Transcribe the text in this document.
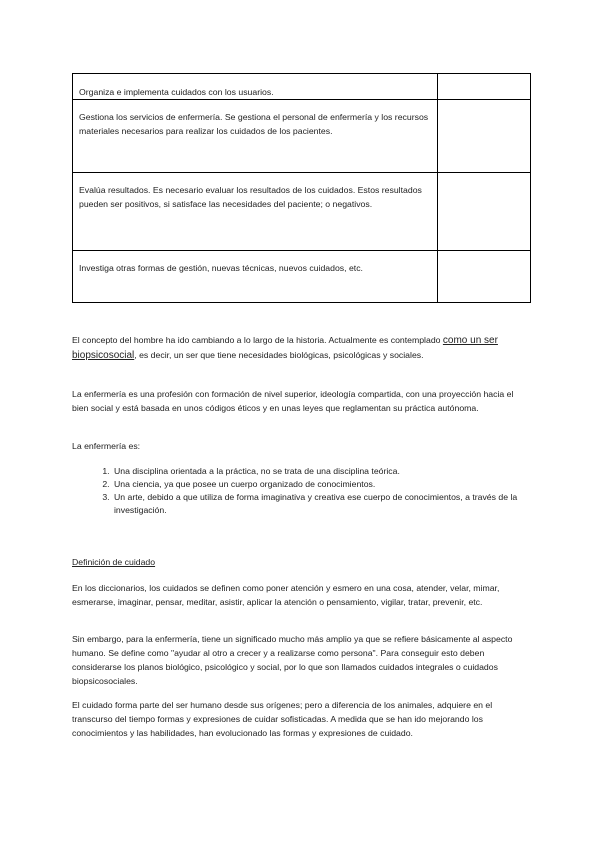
Organiza e implementa cuidados con los usuarios.	
Gestiona los servicios de enfermería. Se gestiona el personal de enfermería y los recursos materiales necesarios para realizar los cuidados de los pacientes.	
Evalúa resultados. Es necesario evaluar los resultados de los cuidados. Estos resultados pueden ser positivos, si satisface las necesidades del paciente; o negativos.	
Investiga otras formas de gestión, nuevas técnicas, nuevos cuidados, etc.	

El concepto del hombre ha ido cambiando a lo largo de la historia. Actualmente es contemplado como un ser biopsicosocial, es decir, un ser que tiene necesidades biológicas, psicológicas y sociales.

La enfermería es una profesión con formación de nivel superior, ideología compartida, con una proyección hacia el bien social y está basada en unos códigos éticos y en unas leyes que reglamentan su práctica autónoma.

La enfermería es:

1. Una disciplina orientada a la práctica, no se trata de una disciplina teórica.
2. Una ciencia, ya que posee un cuerpo organizado de conocimientos.
3. Un arte, debido a que utiliza de forma imaginativa y creativa ese cuerpo de conocimientos, a través de la investigación.

Definición de cuidado

En los diccionarios, los cuidados se definen como poner atención y esmero en una cosa, atender, velar, mimar, esmerarse, imaginar, pensar, meditar, asistir, aplicar la atención o pensamiento, vigilar, tratar, prevenir, etc.

Sin embargo, para la enfermería, tiene un significado mucho más amplio ya que se refiere básicamente al aspecto humano. Se define como "ayudar al otro a crecer y a realizarse como persona". Para conseguir esto deben considerarse los planos biológico, psicológico y social, por lo que son llamados cuidados integrales o cuidados biopsicosociales.

El cuidado forma parte del ser humano desde sus orígenes; pero a diferencia de los animales, adquiere en el transcurso del tiempo formas y expresiones de cuidar sofisticadas. A medida que se han ido mejorando los conocimientos y las habilidades, han evolucionado las formas y expresiones de cuidado.
